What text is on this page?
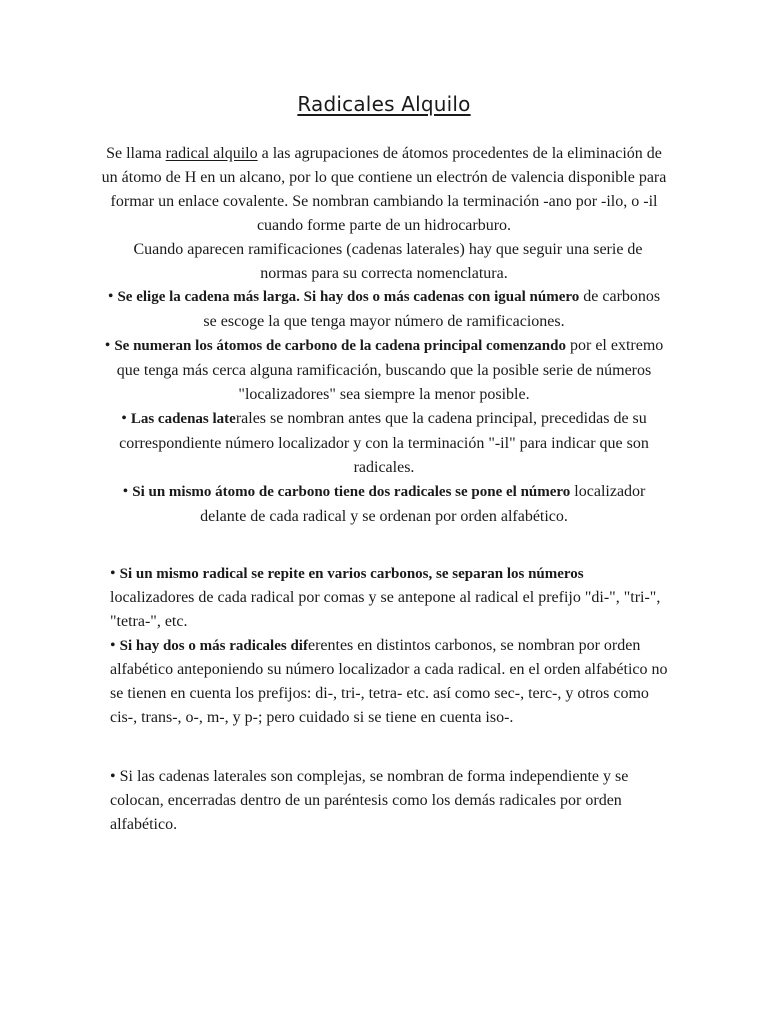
Radicales Alquilo

Se llama radical alquilo a las agrupaciones de átomos procedentes de la eliminación de un átomo de H en un alcano, por lo que contiene un electrón de valencia disponible para formar un enlace covalente. Se nombran cambiando la terminación -ano por -ilo, o -il cuando forme parte de un hidrocarburo.

Cuando aparecen ramificaciones (cadenas laterales) hay que seguir una serie de normas para su correcta nomenclatura.

• Se elige la cadena más larga. Si hay dos o más cadenas con igual número de carbonos se escoge la que tenga mayor número de ramificaciones.

• Se numeran los átomos de carbono de la cadena principal comenzando por el extremo que tenga más cerca alguna ramificación, buscando que la posible serie de números "localizadores" sea siempre la menor posible.

• Las cadenas laterales se nombran antes que la cadena principal, precedidas de su correspondiente número localizador y con la terminación "-il" para indicar que son radicales.

• Si un mismo átomo de carbono tiene dos radicales se pone el número localizador delante de cada radical y se ordenan por orden alfabético.

• Si un mismo radical se repite en varios carbonos, se separan los números localizadores de cada radical por comas y se antepone al radical el prefijo "di-", "tri-", "tetra-", etc.

• Si hay dos o más radicales diferentes en distintos carbonos, se nombran por orden alfabético anteponiendo su número localizador a cada radical. en el orden alfabético no se tienen en cuenta los prefijos: di-, tri-, tetra- etc. así como sec-, terc-, y otros como cis-, trans-, o-, m-, y p-; pero cuidado si se tiene en cuenta iso-.

• Si las cadenas laterales son complejas, se nombran de forma independiente y se colocan, encerradas dentro de un paréntesis como los demás radicales por orden alfabético.
